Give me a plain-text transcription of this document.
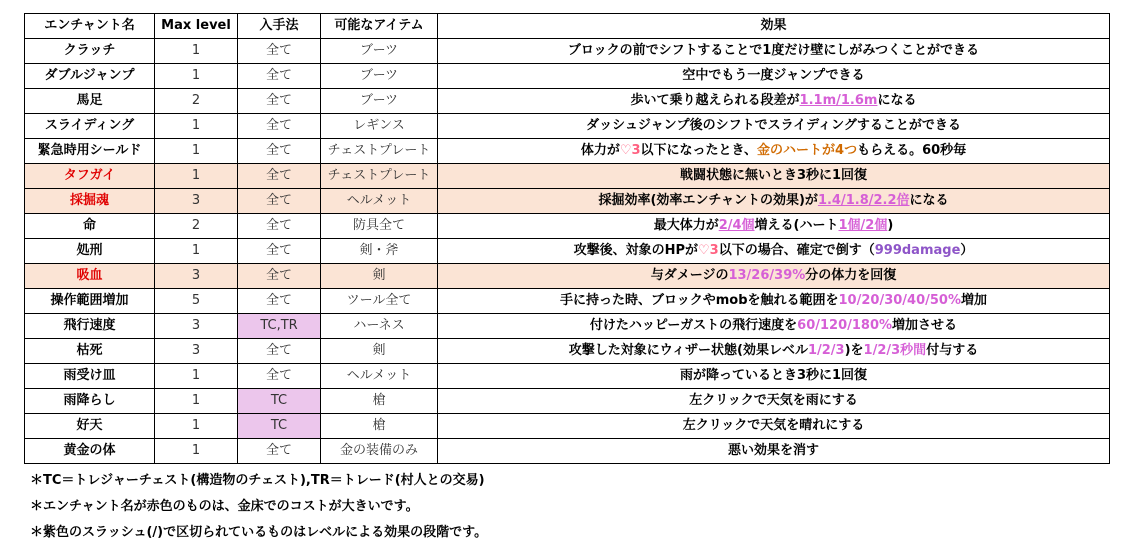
エンチャント名	Max level	入手法	可能なアイテム	効果
クラッチ	1	全て	ブーツ	ブロックの前でシフトすることで1度だけ壁にしがみつくことができる
ダブルジャンプ	1	全て	ブーツ	空中でもう一度ジャンプできる
馬足	2	全て	ブーツ	歩いて乗り越えられる段差が1.1m/1.6mになる
スライディング	1	全て	レギンス	ダッシュジャンプ後のシフトでスライディングすることができる
緊急時用シールド	1	全て	チェストプレート	体力が♡3以下になったとき、金のハートが4つもらえる。60秒毎
タフガイ	1	全て	チェストプレート	戦闘状態に無いとき3秒に1回復
採掘魂	3	全て	ヘルメット	採掘効率(効率エンチャントの効果)が1.4/1.8/2.2倍になる
命	2	全て	防具全て	最大体力が2/4個増える(ハート1個/2個)
処刑	1	全て	剣・斧	攻撃後、対象のHPが♡3以下の場合、確定で倒す（999damage）
吸血	3	全て	剣	与ダメージの13/26/39%分の体力を回復
操作範囲増加	5	全て	ツール全て	手に持った時、ブロックやmobを触れる範囲を10/20/30/40/50%増加
飛行速度	3	TC,TR	ハーネス	付けたハッピーガストの飛行速度を60/120/180%増加させる
枯死	3	全て	剣	攻撃した対象にウィザー状態(効果レベル1/2/3)を1/2/3秒間付与する
雨受け皿	1	全て	ヘルメット	雨が降っているとき3秒に1回復
雨降らし	1	TC	槍	左クリックで天気を雨にする
好天	1	TC	槍	左クリックで天気を晴れにする
黄金の体	1	全て	金の装備のみ	悪い効果を消す
＊TC＝トレジャーチェスト(構造物のチェスト),TR＝トレード(村人との交易)
＊エンチャント名が赤色のものは、金床でのコストが大きいです。
＊紫色のスラッシュ(/)で区切られているものはレベルによる効果の段階です。
